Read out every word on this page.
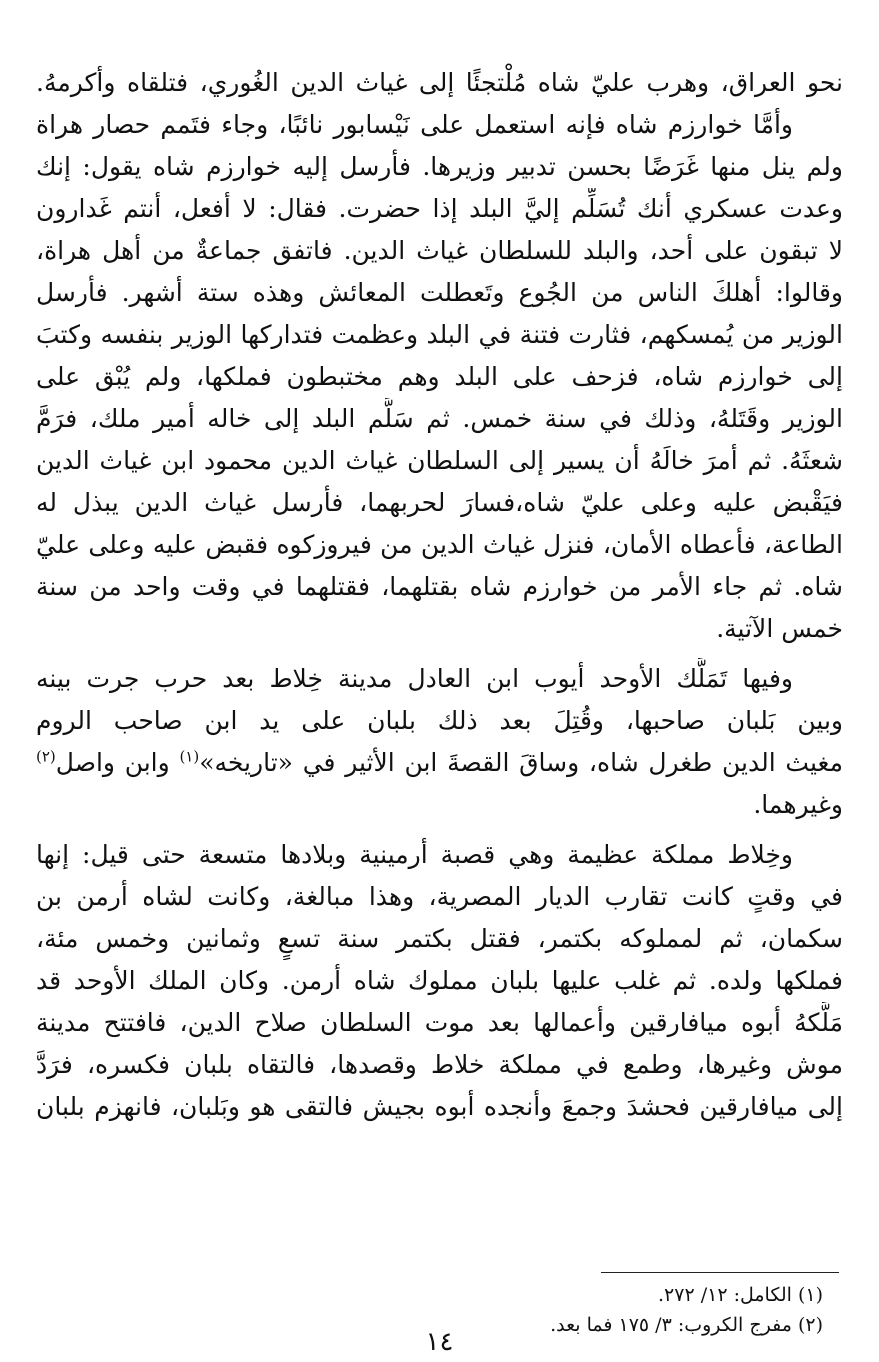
نحو العراق، وهرب عليّ شاه مُلْتجئًا إلى غياث الدين الغُوري، فتلقاه وأكرمهُ.
وأمَّا خوارزم شاه فإنه استعمل على نَيْسابور نائبًا، وجاء فتَمم حصار هراة
ولم ينل منها غَرَضًا بحسن تدبير وزيرها. فأرسل إليه خوارزم شاه يقول: إنك
وعدت عسكري أنك تُسَلِّم إليَّ البلد إذا حضرت. فقال: لا أفعل، أنتم غَدارون
لا تبقون على أحد، والبلد للسلطان غياث الدين. فاتفق جماعةٌ من أهل هراة،
وقالوا: أهلكَ الناس من الجُوع وتَعطلت المعائش وهذه ستة أشهر. فأرسل
الوزير من يُمسكهم، فثارت فتنة في البلد وعظمت فتداركها الوزير بنفسه وكتبَ
إلى خوارزم شاه، فزحف على البلد وهم مختبطون فملكها، ولم يُبْق على
الوزير وقَتَلهُ، وذلك في سنة خمس. ثم سَلَّم البلد إلى خاله أمير ملك، فرَمَّ
شعثَهُ. ثم أمرَ خالَهُ أن يسير إلى السلطان غياث الدين محمود ابن غياث الدين
فيَقْبض عليه وعلى عليّ شاه،فسارَ لحربهما، فأرسل غياث الدين يبذل له
الطاعة، فأعطاه الأمان، فنزل غياث الدين من فيروزكوه فقبض عليه وعلى عليّ
شاه. ثم جاء الأمر من خوارزم شاه بقتلهما، فقتلهما في وقت واحد من سنة
خمس الآتية.
وفيها تَمَلَّك الأوحد أيوب ابن العادل مدينة خِلاط بعد حرب جرت بينه
وبين بَلبان صاحبها، وقُتِلَ بعد ذلك بلبان على يد ابن صاحب الروم
مغيث الدين طغرل شاه، وساقَ القصةَ ابن الأثير في «تاريخه»$^{(١)}$ وابن واصل$^{(٢)}$
وغيرهما.
وخِلاط مملكة عظيمة وهي قصبة أرمينية وبلادها متسعة حتى قيل: إنها
في وقتٍ كانت تقارب الديار المصرية، وهذا مبالغة، وكانت لشاه أرمن بن
سكمان، ثم لمملوكه بكتمر، فقتل بكتمر سنة تسعٍ وثمانين وخمس مئة،
فملكها ولده. ثم غلب عليها بلبان مملوك شاه أرمن. وكان الملك الأوحد قد
مَلَّكهُ أبوه ميافارقين وأعمالها بعد موت السلطان صلاح الدين، فافتتح مدينة
موش وغيرها، وطمع في مملكة خلاط وقصدها، فالتقاه بلبان فكسره، فرَدَّ
إلى ميافارقين فحشدَ وجمعَ وأنجده أبوه بجيش فالتقى هو وبَلبان، فانهزم بلبان
(١) الكامل: ١٢/ ٢٧٢.
(٢) مفرج الكروب: ٣/ ١٧٥ فما بعد.
١٤
